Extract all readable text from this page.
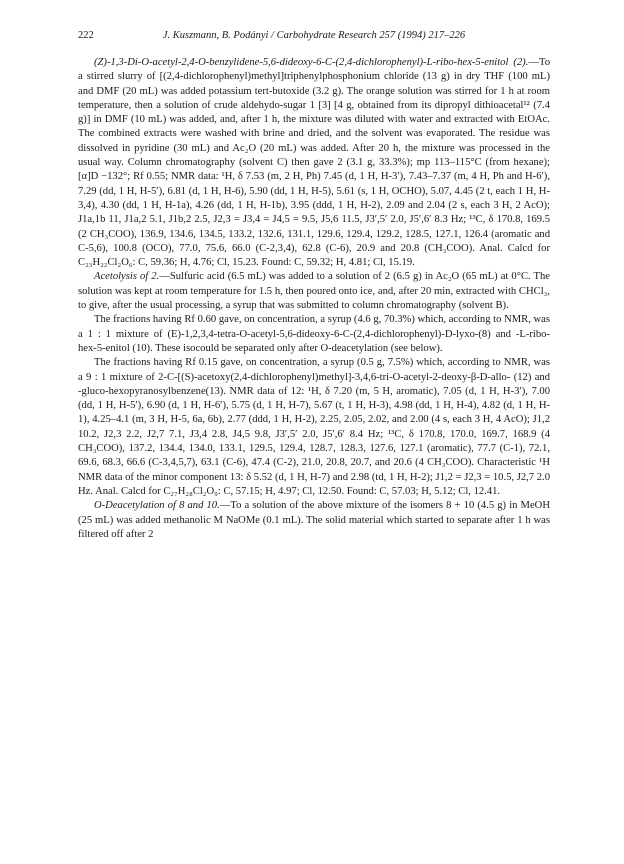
222	J. Kuszmann, B. Podányi / Carbohydrate Research 257 (1994) 217–226

(Z)-1,3-Di-O-acetyl-2,4-O-benzylidene-5,6-dideoxy-6-C-(2,4-dichlorophenyl)-L-ribo-hex-5-enitol (2).—To a stirred slurry of [(2,4-dichlorophenyl)methyl]triphenylphosphonium chloride (13 g) in dry THF (100 mL) and DMF (20 mL) was added potassium tert-butoxide (3.2 g). The orange solution was stirred for 1 h at room temperature, then a solution of crude aldehydo-sugar 1 [3] [4 g, obtained from its dipropyl dithioacetal¹² (7.4 g)] in DMF (10 mL) was added, and, after 1 h, the mixture was diluted with water and extracted with EtOAc. The combined extracts were washed with brine and dried, and the solvent was evaporated. The residue was dissolved in pyridine (30 mL) and Ac₂O (20 mL) was added. After 20 h, the mixture was processed in the usual way. Column chromatography (solvent C) then gave 2 (3.1 g, 33.3%); mp 113–115°C (from hexane); [α]D −132°; Rf 0.55; NMR data: ¹H, δ 7.53 (m, 2 H, Ph) 7.45 (d, 1 H, H-3′), 7.43–7.37 (m, 4 H, Ph and H-6′), 7.29 (dd, 1 H, H-5′), 6.81 (d, 1 H, H-6), 5.90 (dd, 1 H, H-5), 5.61 (s, 1 H, OCHO), 5.07, 4.45 (2 t, each 1 H, H-3,4), 4.30 (dd, 1 H, H-1a), 4.26 (dd, 1 H, H-1b), 3.95 (ddd, 1 H, H-2), 2.09 and 2.04 (2 s, each 3 H, 2 AcO); J1a,1b 11, J1a,2 5.1, J1b,2 2.5, J2,3 = J3,4 = J4,5 = 9.5, J5,6 11.5, J3′,5′ 2.0, J5′,6′ 8.3 Hz; ¹³C, δ 170.8, 169.5 (2 CH₃COO), 136.9, 134.6, 134.5, 133.2, 132.6, 131.1, 129.6, 129.4, 129.2, 128.5, 127.1, 126.4 (aromatic and C-5,6), 100.8 (OCO), 77.0, 75.6, 66.0 (C-2,3,4), 62.8 (C-6), 20.9 and 20.8 (CH₃COO). Anal. Calcd for C₂₃H₂₂Cl₂O₆: C, 59.36; H, 4.76; Cl, 15.23. Found: C, 59.32; H, 4.81; Cl, 15.19.

Acetolysis of 2.—Sulfuric acid (6.5 mL) was added to a solution of 2 (6.5 g) in Ac₂O (65 mL) at 0°C. The solution was kept at room temperature for 1.5 h, then poured onto ice, and, after 20 min, extracted with CHCl₃, to give, after the usual processing, a syrup that was submitted to column chromatography (solvent B).

The fractions having Rf 0.60 gave, on concentration, a syrup (4.6 g, 70.3%) which, according to NMR, was a 1 : 1 mixture of (E)-1,2,3,4-tetra-O-acetyl-5,6-dideoxy-6-C-(2,4-dichlorophenyl)-D-lyxo-(8) and -L-ribo-hex-5-enitol (10). These isocould be separated only after O-deacetylation (see below).

The fractions having Rf 0.15 gave, on concentration, a syrup (0.5 g, 7.5%) which, according to NMR, was a 9 : 1 mixture of 2-C-[(S)-acetoxy(2,4-dichlorophenyl)methyl]-3,4,6-tri-O-acetyl-2-deoxy-β-D-allo- (12) and -gluco-hexopyranosylbenzene(13). NMR data of 12: ¹H, δ 7.20 (m, 5 H, aromatic), 7.05 (d, 1 H, H-3′), 7.00 (dd, 1 H, H-5′), 6.90 (d, 1 H, H-6′), 5.75 (d, 1 H, H-7), 5.67 (t, 1 H, H-3), 4.98 (dd, 1 H, H-4), 4.82 (d, 1 H, H-1), 4.25–4.1 (m, 3 H, H-5, 6a, 6b), 2.77 (ddd, 1 H, H-2), 2.25, 2.05, 2.02, and 2.00 (4 s, each 3 H, 4 AcO); J1,2 10.2, J2,3 2.2, J2,7 7.1, J3,4 2.8, J4,5 9.8, J3′,5′ 2.0, J5′,6′ 8.4 Hz; ¹³C, δ 170.8, 170.0, 169.7, 168.9 (4 CH₃COO), 137.2, 134.4, 134.0, 133.1, 129.5, 129.4, 128.7, 128.3, 127.6, 127.1 (aromatic), 77.7 (C-1), 72.1, 69.6, 68.3, 66.6 (C-3,4,5,7), 63.1 (C-6), 47.4 (C-2), 21.0, 20.8, 20.7, and 20.6 (4 CH₃COO). Characteristic ¹H NMR data of the minor component 13: δ 5.52 (d, 1 H, H-7) and 2.98 (td, 1 H, H-2); J1,2 = J2,3 = 10.5, J2,7 2.0 Hz. Anal. Calcd for C₂₇H₂₈Cl₂O₉: C, 57.15; H, 4.97; Cl, 12.50. Found: C, 57.03; H, 5.12; Cl, 12.41.

O-Deacetylation of 8 and 10.—To a solution of the above mixture of the isomers 8 + 10 (4.5 g) in MeOH (25 mL) was added methanolic M NaOMe (0.1 mL). The solid material which started to separate after 1 h was filtered off after 2
